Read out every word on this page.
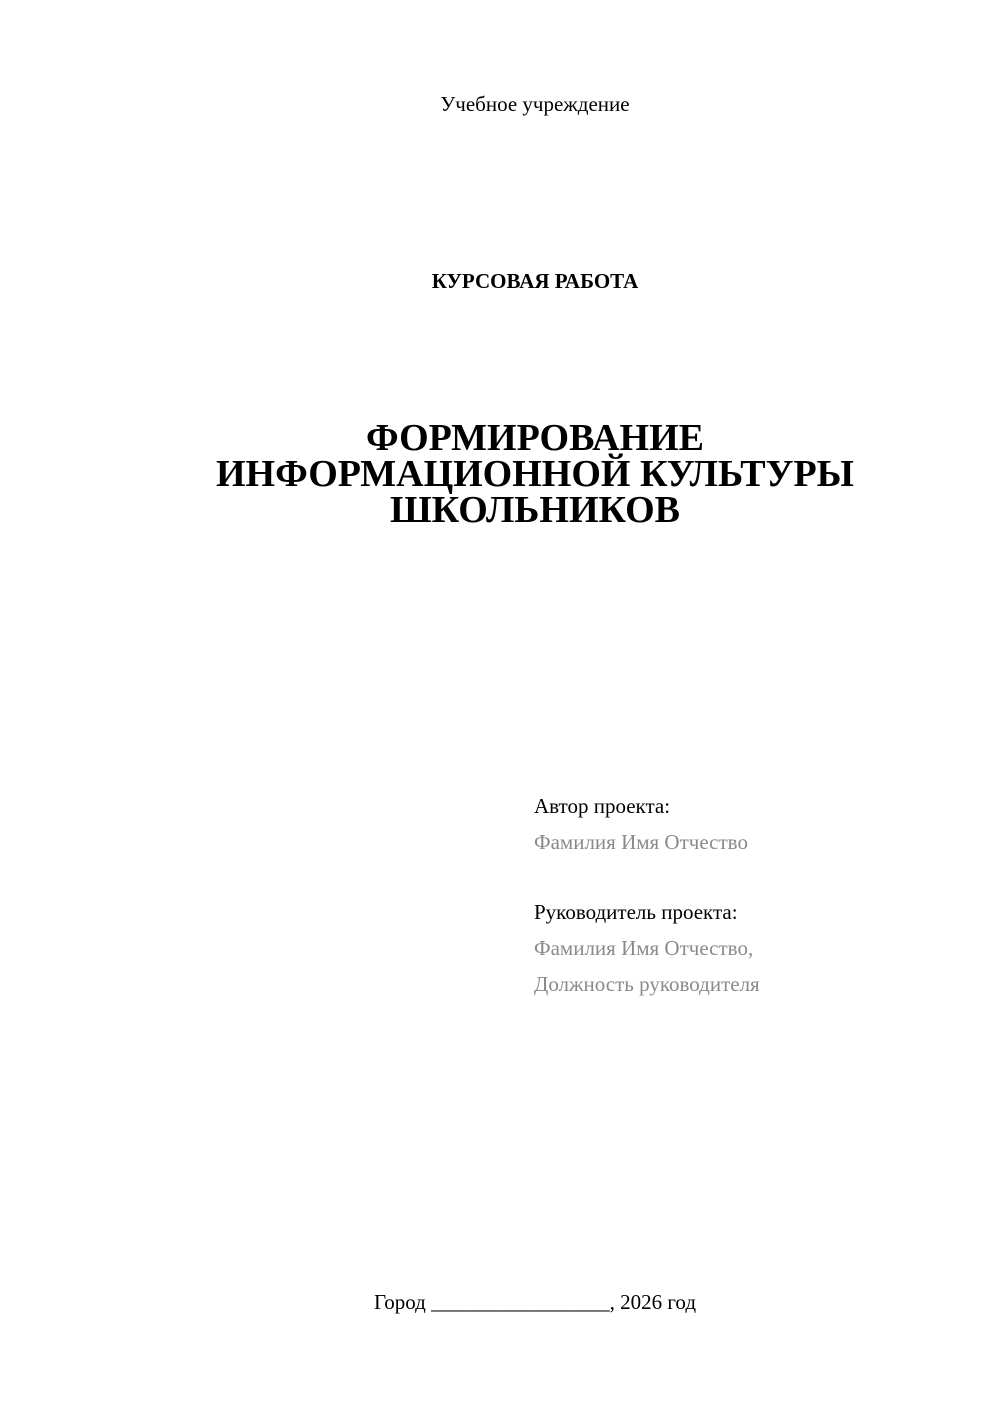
Учебное учреждение
КУРСОВАЯ РАБОТА
ФОРМИРОВАНИЕ
ИНФОРМАЦИОННОЙ КУЛЬТУРЫ
ШКОЛЬНИКОВ
Автор проекта:
Фамилия Имя Отчество
Руководитель проекта:
Фамилия Имя Отчество,
Должность руководителя
Город _________________, 2026 год
